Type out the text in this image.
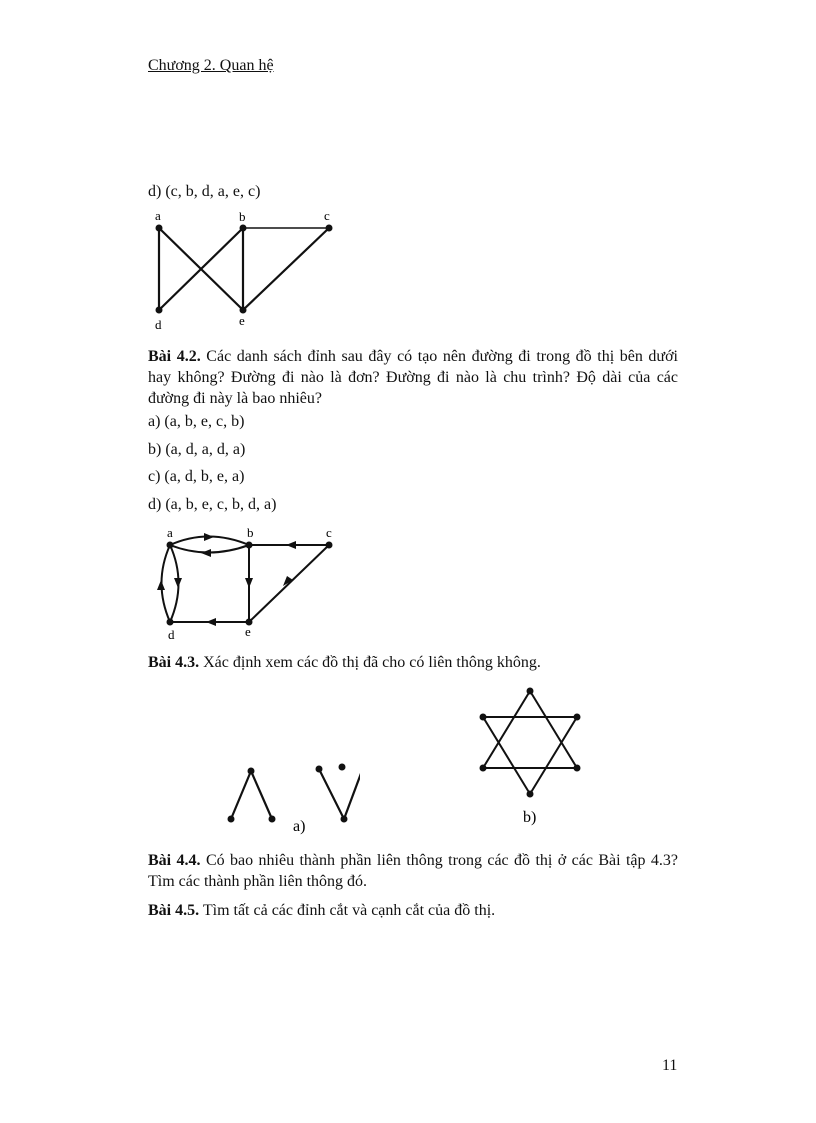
Chương 2. Quan hệ
d) (c, b, d, a, e, c)
a	b	c
d	e
Bài 4.2. Các danh sách đỉnh sau đây có tạo nên đường đi trong đồ thị bên dưới hay không? Đường đi nào là đơn? Đường đi nào là chu trình? Độ dài của các đường đi này là bao nhiêu?
a) (a, b, e, c, b)
b) (a, d, a, d, a)
c) (a, d, b, e, a)
d) (a, b, e, c, b, d, a)
a	b	c
d	e
Bài 4.3. Xác định xem các đồ thị đã cho có liên thông không.
a)
b)
Bài 4.4. Có bao nhiêu thành phần liên thông trong các đồ thị ở các Bài tập 4.3? Tìm các thành phần liên thông đó.
Bài 4.5. Tìm tất cả các đỉnh cắt và cạnh cắt của đồ thị.
11
